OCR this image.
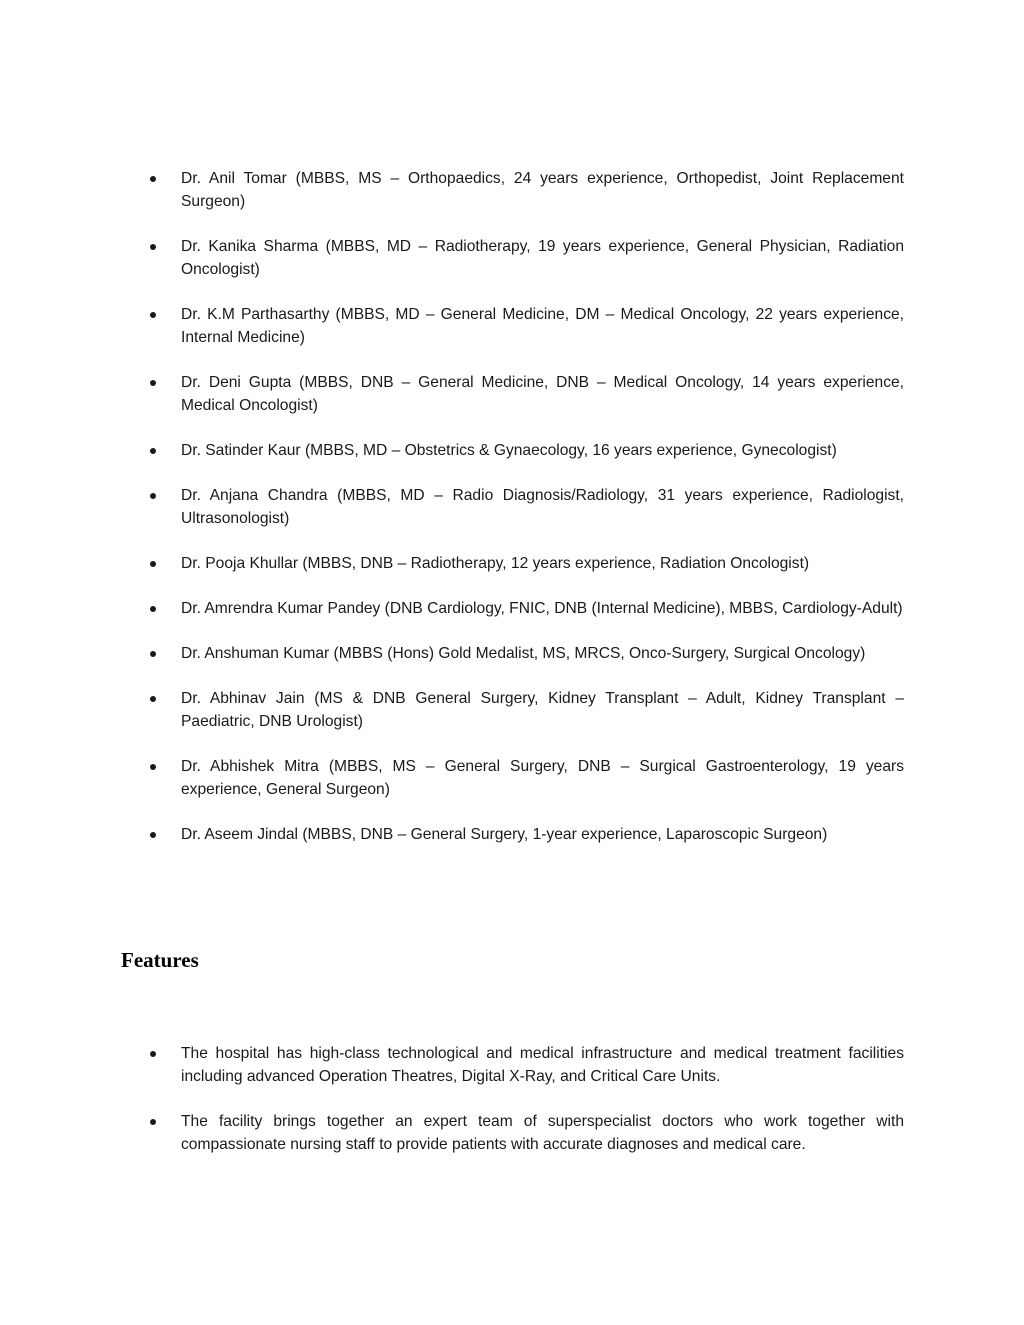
Dr. Anil Tomar (MBBS, MS – Orthopaedics, 24 years experience, Orthopedist, Joint Replacement Surgeon)
Dr. Kanika Sharma (MBBS, MD – Radiotherapy, 19 years experience, General Physician, Radiation Oncologist)
Dr. K.M Parthasarthy (MBBS, MD – General Medicine, DM – Medical Oncology, 22 years experience, Internal Medicine)
Dr. Deni Gupta (MBBS, DNB – General Medicine, DNB – Medical Oncology, 14 years experience, Medical Oncologist)
Dr. Satinder Kaur (MBBS, MD – Obstetrics & Gynaecology, 16 years experience, Gynecologist)
Dr. Anjana Chandra (MBBS, MD – Radio Diagnosis/Radiology, 31 years experience, Radiologist, Ultrasonologist)
Dr. Pooja Khullar (MBBS, DNB – Radiotherapy, 12 years experience, Radiation Oncologist)
Dr. Amrendra Kumar Pandey (DNB Cardiology, FNIC, DNB (Internal Medicine), MBBS, Cardiology-Adult)
Dr. Anshuman Kumar (MBBS (Hons) Gold Medalist, MS, MRCS, Onco-Surgery, Surgical Oncology)
Dr. Abhinav Jain (MS & DNB General Surgery, Kidney Transplant – Adult, Kidney Transplant – Paediatric, DNB Urologist)
Dr. Abhishek Mitra (MBBS, MS – General Surgery, DNB – Surgical Gastroenterology, 19 years experience, General Surgeon)
Dr. Aseem Jindal (MBBS, DNB – General Surgery, 1-year experience, Laparoscopic Surgeon)
Features
The hospital has high-class technological and medical infrastructure and medical treatment facilities including advanced Operation Theatres, Digital X-Ray, and Critical Care Units.
The facility brings together an expert team of superspecialist doctors who work together with compassionate nursing staff to provide patients with accurate diagnoses and medical care.
